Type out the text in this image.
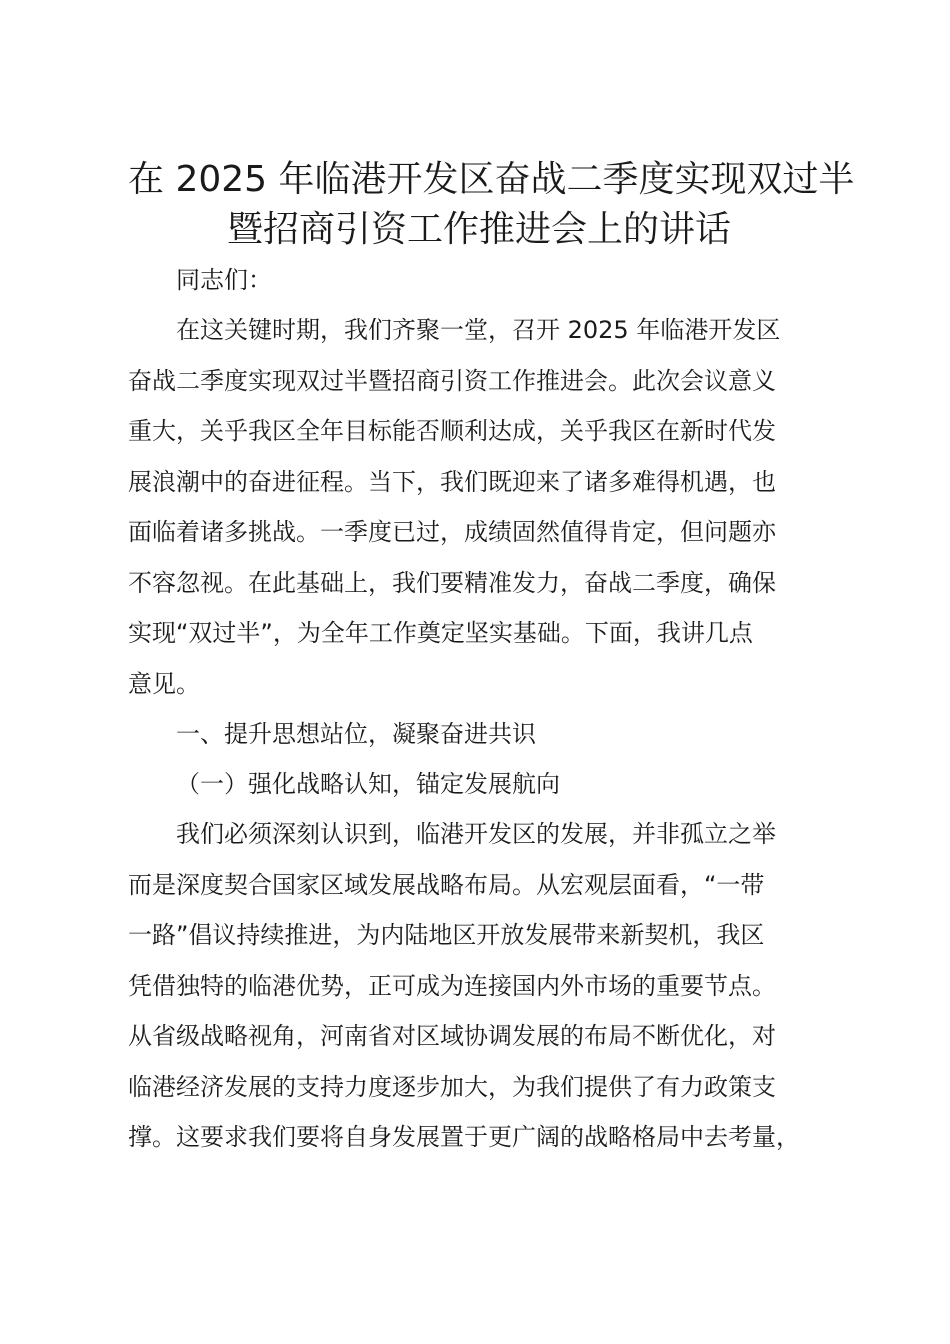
在 2025 年临港开发区奋战二季度实现双过半
暨招商引资工作推进会上的讲话

同志们：

在这关键时期，我们齐聚一堂，召开 2025 年临港开发区
奋战二季度实现双过半暨招商引资工作推进会。此次会议意义
重大，关乎我区全年目标能否顺利达成，关乎我区在新时代发
展浪潮中的奋进征程。当下，我们既迎来了诸多难得机遇，也
面临着诸多挑战。一季度已过，成绩固然值得肯定，但问题亦
不容忽视。在此基础上，我们要精准发力，奋战二季度，确保
实现“双过半”，为全年工作奠定坚实基础。下面，我讲几点
意见。

一、提升思想站位，凝聚奋进共识

（一）强化战略认知，锚定发展航向

我们必须深刻认识到，临港开发区的发展，并非孤立之举
而是深度契合国家区域发展战略布局。从宏观层面看，“一带
一路”倡议持续推进，为内陆地区开放发展带来新契机，我区
凭借独特的临港优势，正可成为连接国内外市场的重要节点。
从省级战略视角，河南省对区域协调发展的布局不断优化，对
临港经济发展的支持力度逐步加大，为我们提供了有力政策支
撑。这要求我们要将自身发展置于更广阔的战略格局中去考量，
